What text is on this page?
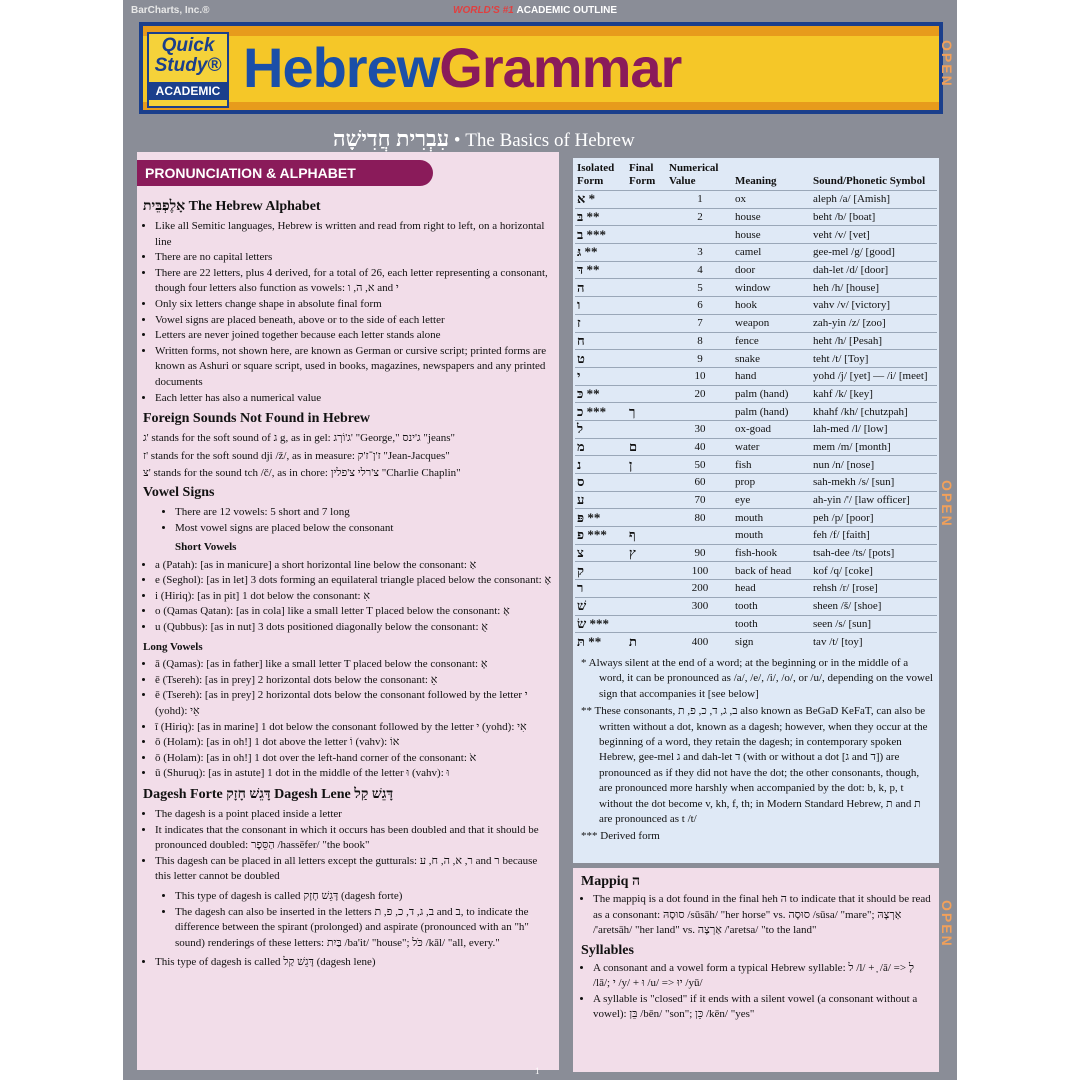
BarCharts, Inc.®	WORLD'S #1 ACADEMIC OUTLINE
Quick
Study®
ACADEMIC HebrewGrammar	OPEN
OPEN
OPEN
עִבְרִית חֲדִישָׁה • The Basics of Hebrew
PRONUNCIATION & ALPHABET
אָלֶפְבֵּית The Hebrew Alphabet
• Like all Semitic languages, Hebrew is written and read from right to left, on a horizontal line
• There are no capital letters
• There are 22 letters, plus 4 derived, for a total of 26, each letter representing a consonant, though four letters also function as vowels: א, ה, ו and י
• Only six letters change shape in absolute final form
• Vowel signs are placed beneath, above or to the side of each letter
• Letters are never joined together because each letter stands alone
• Written forms, not shown here, are known as German or cursive script; printed forms are known as Ashuri or square script, used in books, magazines, newspapers and any printed documents
• Each letter has also a numerical value
Foreign Sounds Not Found in Hebrew

ג' stands for the soft sound of ג g, as in gel: ג'וֹרְג' "George," ג'ינס "jeans"

ז' stands for the soft sound dji /ž/, as in measure: ז'ן־ז'ק "Jean-Jacques"

צ' stands for the sound tch /č/, as in chore: צ'רלי צ'פלין "Charlie Chaplin"

Vowel Signs
• There are 12 vowels: 5 short and 7 long
• Most vowel signs are placed below the consonant
Short Vowels
• a (Patah): [as in manicure] a short horizontal line below the consonant: אַ
• e (Seghol): [as in let] 3 dots forming an equilateral triangle placed below the consonant: אֶ
• i (Hiriq): [as in pit] 1 dot below the consonant: אִ
• o (Qamas Qatan): [as in cola] like a small letter T placed below the consonant: אָ
• u (Qubbus): [as in nut] 3 dots positioned diagonally below the consonant: אֻ
Long Vowels
• ā (Qamas): [as in father] like a small letter T placed below the consonant: אָ
• ē (Tsereh): [as in prey] 2 horizontal dots below the consonant: אֵ
• ē (Tsereh): [as in prey] 2 horizontal dots below the consonant followed by the letter י (yohd): אֵי
• ī (Hiriq): [as in marine] 1 dot below the consonant followed by the letter י (yohd): אִי
• ō (Holam): [as in oh!] 1 dot above the letter וֹ (vahv): אוֹ
• ō (Holam): [as in oh!] 1 dot over the left-hand corner of the consonant: אֹ
• ū (Shuruq): [as in astute] 1 dot in the middle of the letter וּ (vahv): וּ
Dagesh Forte דָּגֵשׁ חָזָק Dagesh Lene דָּגֵשׁ קַל
• The dagesh is a point placed inside a letter
• It indicates that the consonant in which it occurs has been doubled and that it should be pronounced doubled: הַסֵּפֶר /hassēfer/ "the book"
• This dagesh can be placed in all letters except the gutturals: ר, א, ה, ח, ע and ר because this letter cannot be doubled
• This type of dagesh is called דָּגֵשׁ חָזָק (dagesh forte)
• The dagesh can also be inserted in the letters ב, ג, ד, כ, פ, ת and ב, to indicate the difference between the spirant (prolonged) and aspirate (pronounced with an "h" sound) renderings of these letters: בַּיִת /ba'it/ "house"; כֹּל /kāl/ "all, every."
• This type of dagesh is called דָּגֵשׁ קַל (dagesh lene)
Isolated Form	Final Form	Numerical Value	Meaning	Sound/Phonetic Symbol
א *		1	ox	aleph /a/ [Amish]
בּ **		2	house	beht /b/ [boat]
ב ***			house	veht /v/ [vet]
גּ **		3	camel	gee-mel /g/ [good]
דּ **		4	door	dah-let /d/ [door]
ה		5	window	heh /h/ [house]
ו		6	hook	vahv /v/ [victory]
ז		7	weapon	zah-yin /z/ [zoo]
ח		8	fence	heht /h/ [Pesah]
ט		9	snake	teht /t/ [Toy]
י		10	hand	yohd /j/ [yet] — /i/ [meet]
כּ **		20	palm (hand)	kahf /k/ [key]
כ ***	ך		palm (hand)	khahf /kh/ [chutzpah]
ל		30	ox-goad	lah-med /l/ [low]
מ	ם	40	water	mem /m/ [month]
נ	ן	50	fish	nun /n/ [nose]
ס		60	prop	sah-mekh /s/ [sun]
ע		70	eye	ah-yin /'/ [law officer]
פּ **		80	mouth	peh /p/ [poor]
פ ***	ף		mouth	feh /f/ [faith]
צ	ץ	90	fish-hook	tsah-dee /ts/ [pots]
ק		100	back of head	kof /q/ [coke]
ר		200	head	rehsh /r/ [rose]
שׁ		300	tooth	sheen /š/ [shoe]
שׂ ***			tooth	seen /s/ [sun]
תּ **	ת	400	sign	tav /t/ [toy]

* Always silent at the end of a word; at the beginning or in the middle of a word, it can be pronounced as /a/, /e/, /i/, /o/, or /u/, depending on the vowel sign that accompanies it [see below]

** These consonants, ב, ג, ד, כ, פ, ת also known as BeGaD KeFaT, can also be written without a dot, known as a dagesh; however, when they occur at the beginning of a word, they retain the dagesh; in contemporary spoken Hebrew, gee-mel ג and dah-let ד (with or without a dot [ג and ד]) are pronounced as if they did not have the dot; the other consonants, though, are pronounced more harshly when accompanied by the dot: b, k, p, t without the dot become v, kh, f, th; in Modern Standard Hebrew, ת and ת are pronounced as t /t/

*** Derived form

Mappiq ה
• The mappiq is a dot found in the final heh ה to indicate that it should be read as a consonant: סוּסָהּ /sūsāh/ "her horse" vs. סוּסָה /sūsa/ "mare"; אַרְצָהּ /'aretsāh/ "her land" vs. אַרְצָה /'aretsa/ "to the land"
Syllables
• A consonant and a vowel form a typical Hebrew syllable: ל /l/ + ָ /ā/ => לָ /lā/; י /y/ + וּ /u/ => יוּ /yū/
• A syllable is "closed" if it ends with a silent vowel (a consonant without a vowel): בֵּן /bēn/ "son"; כֵּן /kēn/ "yes"
1
